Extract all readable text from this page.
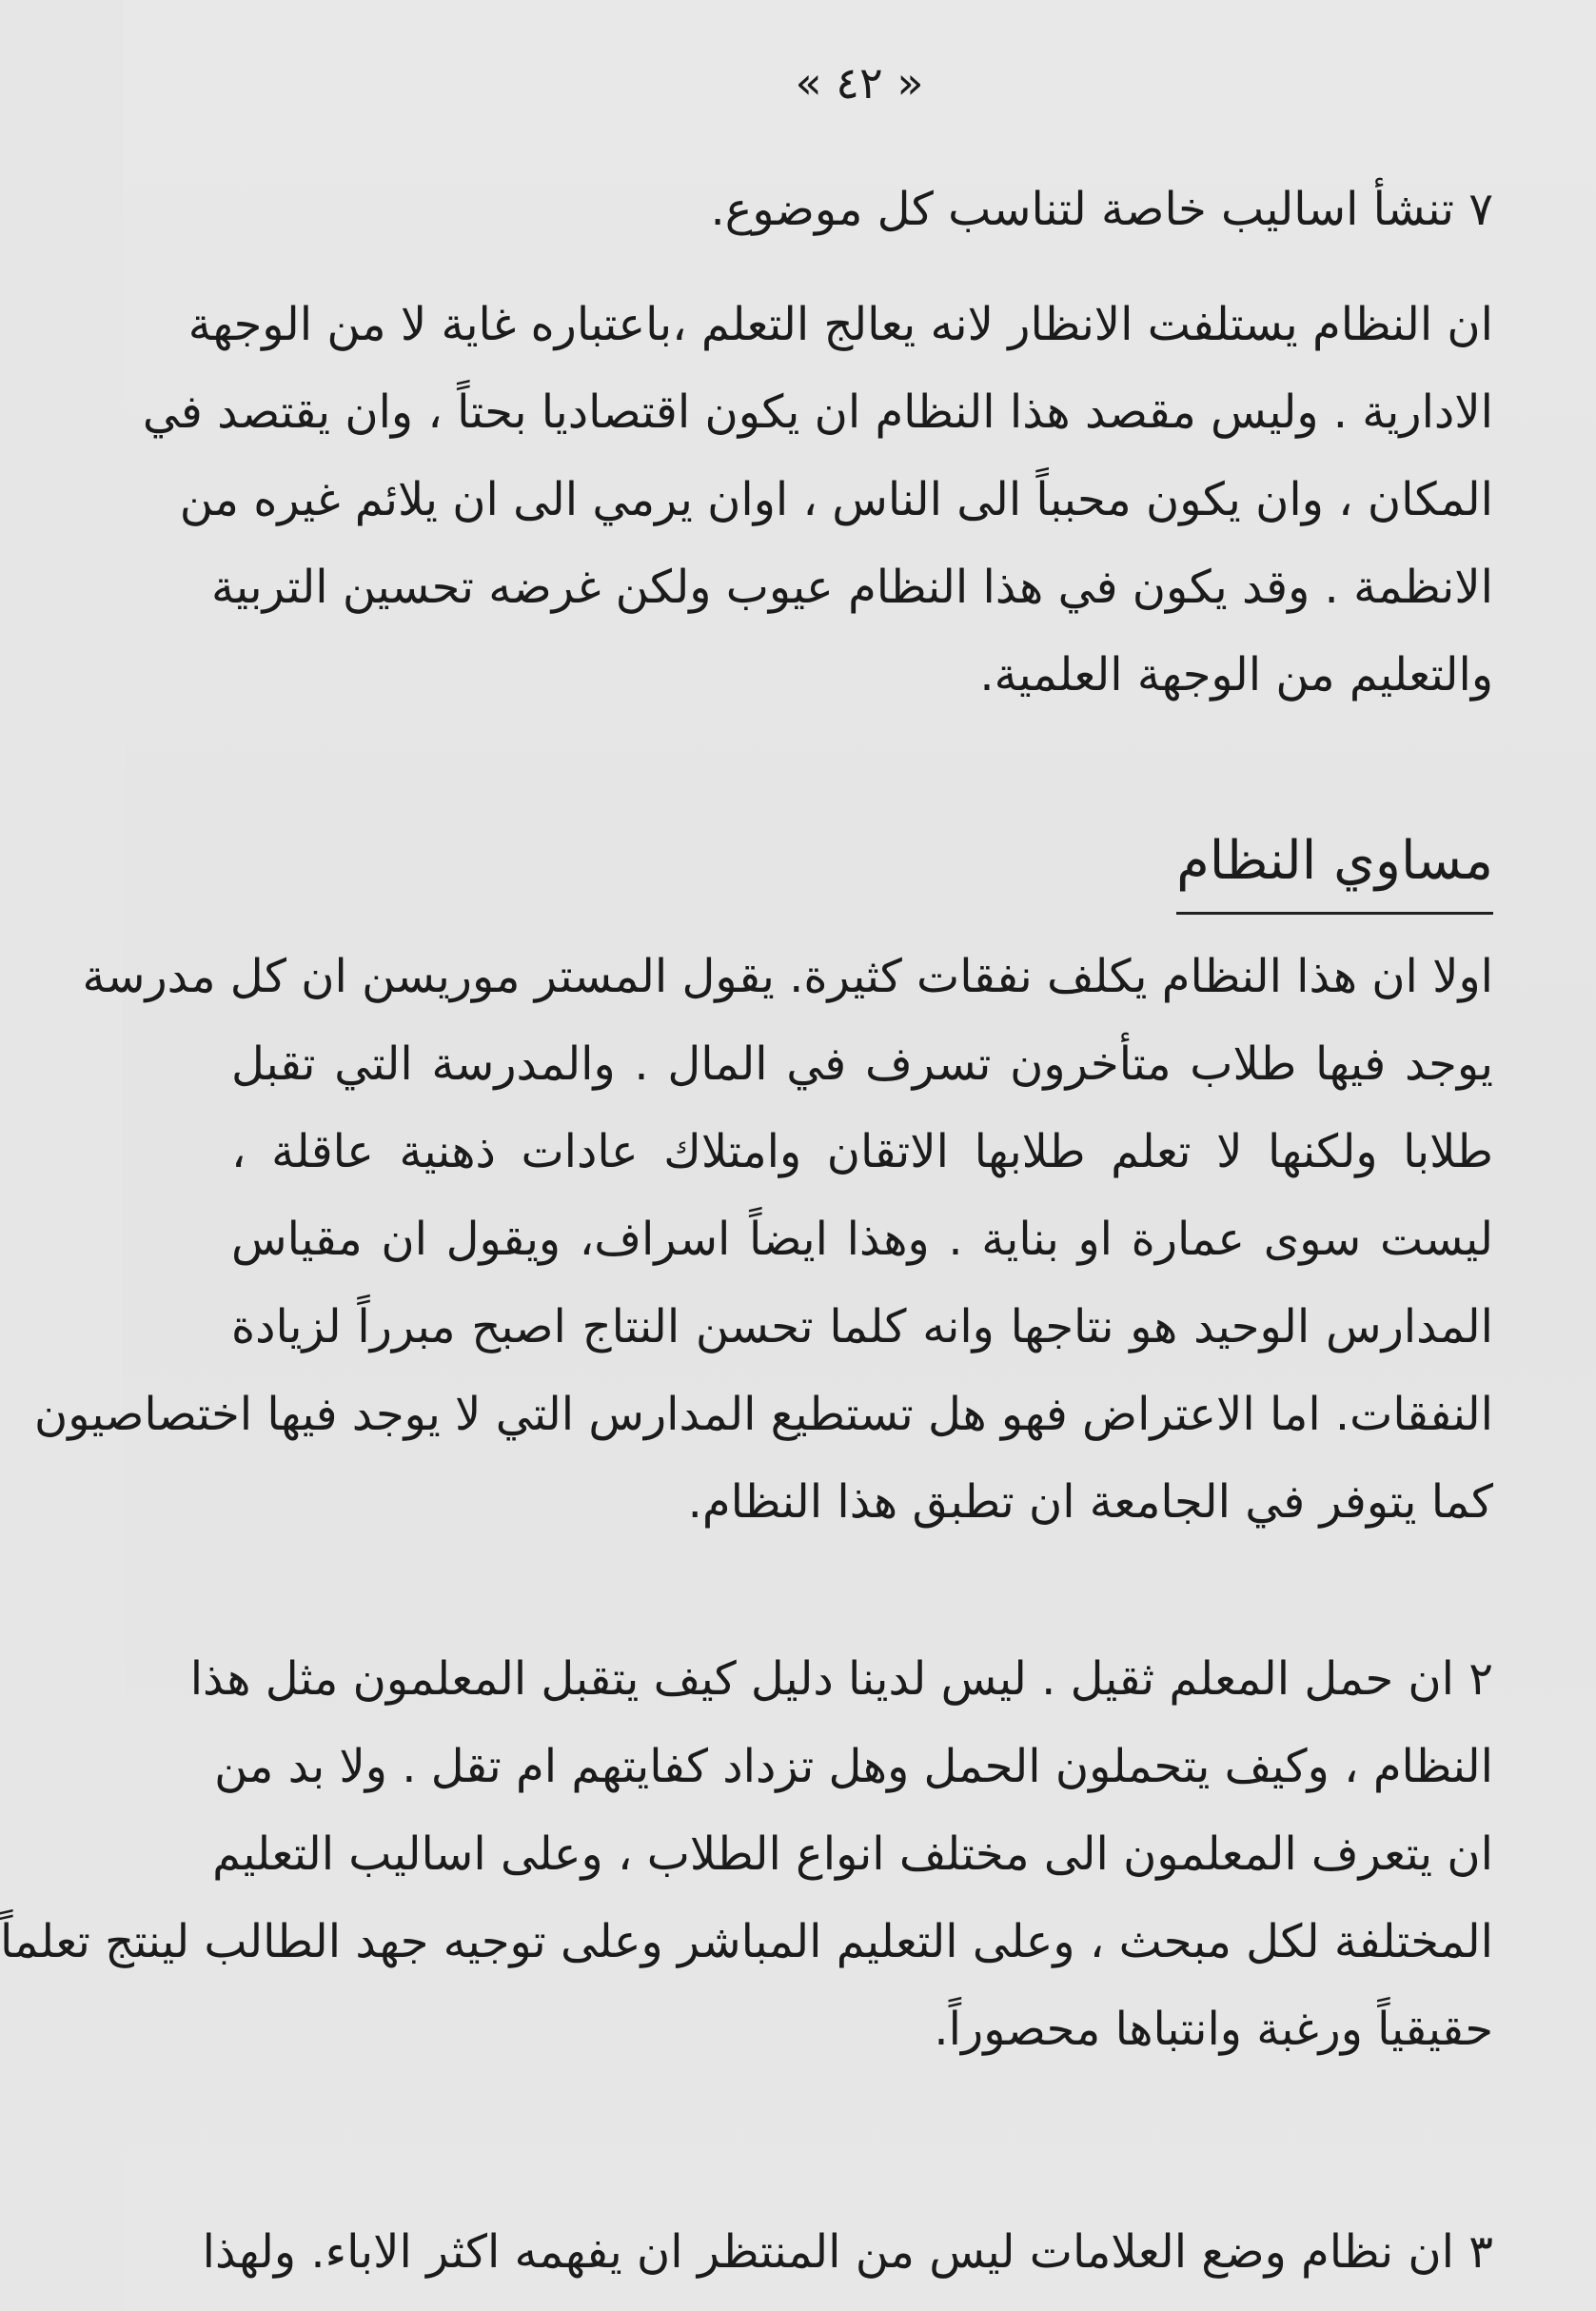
« ٤٢ »
٧ تنشأ اساليب خاصة لتناسب كل موضوع.
ان النظام يستلفت الانظار لانه يعالج التعلم ،باعتباره غاية لا من الوجهة
الادارية . وليس مقصد هذا النظام ان يكون اقتصاديا بحتاً ، وان يقتصد في
المكان ، وان يكون محبباً الى الناس ، اوان يرمي الى ان يلائم غيره من
الانظمة . وقد يكون في هذا النظام عيوب ولكن غرضه تحسين التربية
والتعليم من الوجهة العلمية.
مساوي النظام
اولا ان هذا النظام يكلف نفقات كثيرة. يقول المستر موريسن ان كل مدرسة
يوجد فيها طلاب متأخرون تسرف في المال . والمدرسة التي تقبل
طلابا ولكنها لا تعلم طلابها الاتقان وامتلاك عادات ذهنية عاقلة ،
ليست سوى عمارة او بناية . وهذا ايضاً اسراف، ويقول ان مقياس
المدارس الوحيد هو نتاجها وانه كلما تحسن النتاج اصبح مبرراً لزيادة
النفقات. اما الاعتراض فهو هل تستطيع المدارس التي لا يوجد فيها اختصاصيون
كما يتوفر في الجامعة ان تطبق هذا النظام.
٢ ان حمل المعلم ثقيل . ليس لدينا دليل كيف يتقبل المعلمون مثل هذا
النظام ، وكيف يتحملون الحمل وهل تزداد كفايتهم ام تقل . ولا بد من
ان يتعرف المعلمون الى مختلف انواع الطلاب ، وعلى اساليب التعليم
المختلفة لكل مبحث ، وعلى التعليم المباشر وعلى توجيه جهد الطالب لينتج تعلماً
حقيقياً ورغبة وانتباها محصوراً.
٣ ان نظام وضع العلامات ليس من المنتظر ان يفهمه اكثر الاباء. ولهذا
